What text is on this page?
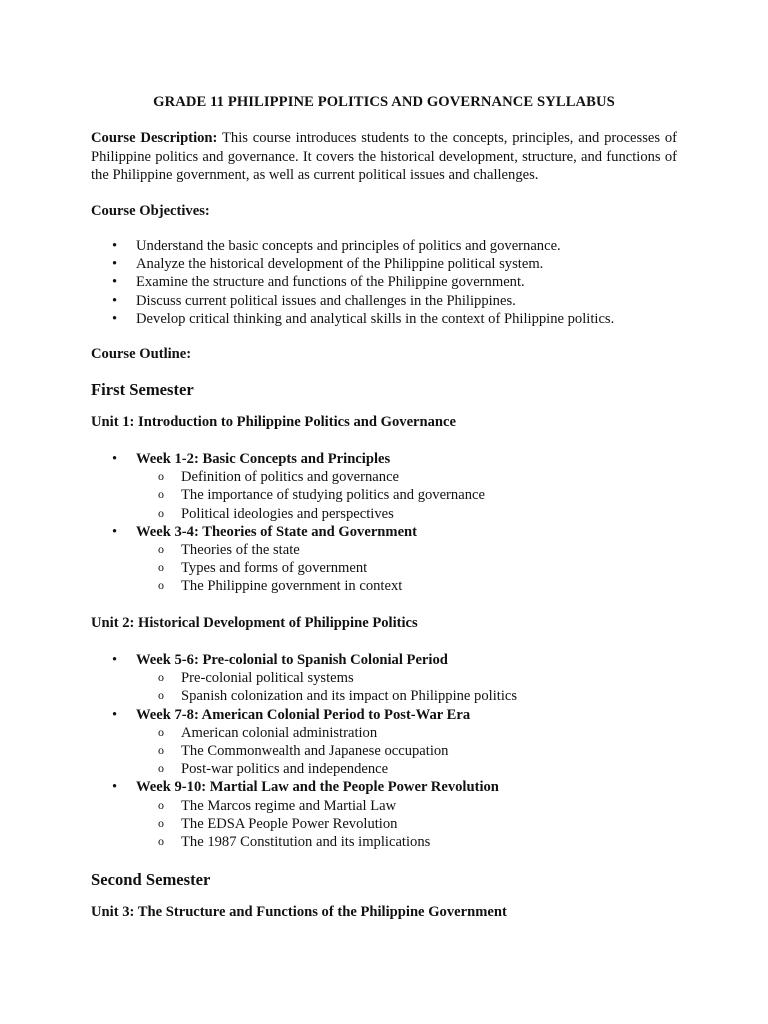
GRADE 11 PHILIPPINE POLITICS AND GOVERNANCE SYLLABUS
Course Description: This course introduces students to the concepts, principles, and processes of Philippine politics and governance. It covers the historical development, structure, and functions of the Philippine government, as well as current political issues and challenges.
Course Objectives:
• Understand the basic concepts and principles of politics and governance.
• Analyze the historical development of the Philippine political system.
• Examine the structure and functions of the Philippine government.
• Discuss current political issues and challenges in the Philippines.
• Develop critical thinking and analytical skills in the context of Philippine politics.
Course Outline:
First Semester
Unit 1: Introduction to Philippine Politics and Governance
• Week 1-2: Basic Concepts and Principles
o Definition of politics and governance
o The importance of studying politics and governance
o Political ideologies and perspectives
• Week 3-4: Theories of State and Government
o Theories of the state
o Types and forms of government
o The Philippine government in context
Unit 2: Historical Development of Philippine Politics
• Week 5-6: Pre-colonial to Spanish Colonial Period
o Pre-colonial political systems
o Spanish colonization and its impact on Philippine politics
• Week 7-8: American Colonial Period to Post-War Era
o American colonial administration
o The Commonwealth and Japanese occupation
o Post-war politics and independence
• Week 9-10: Martial Law and the People Power Revolution
o The Marcos regime and Martial Law
o The EDSA People Power Revolution
o The 1987 Constitution and its implications
Second Semester
Unit 3: The Structure and Functions of the Philippine Government
